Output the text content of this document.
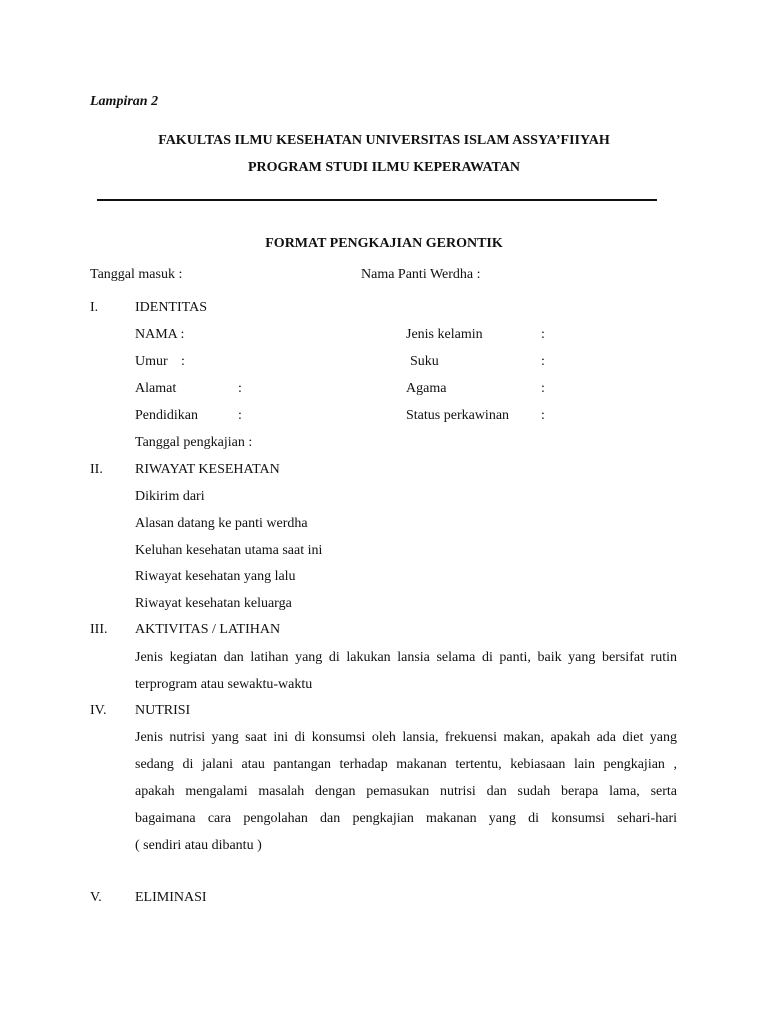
Lampiran 2
FAKULTAS ILMU KESEHATAN UNIVERSITAS ISLAM ASSYA’FIIYAH
PROGRAM STUDI ILMU KEPERAWATAN
FORMAT PENGKAJIAN GERONTIK
Tanggal masuk :	Nama Panti Werdha :
I.	IDENTITAS
NAMA :	Jenis kelamin	:
Umur :	Suku	:
Alamat	:	Agama	:
Pendidikan	:	Status perkawinan :
Tanggal pengkajian :
II. RIWAYAT KESEHATAN
Dikirim dari
Alasan datang ke panti werdha
Keluhan kesehatan utama saat ini
Riwayat kesehatan yang lalu
Riwayat kesehatan keluarga
III. AKTIVITAS / LATIHAN
Jenis kegiatan dan latihan yang di lakukan lansia selama di panti, baik yang bersifat rutin
terprogram atau sewaktu-waktu
IV. NUTRISI
Jenis nutrisi yang saat ini di konsumsi oleh lansia, frekuensi makan, apakah ada diet yang
sedang di jalani atau pantangan terhadap makanan tertentu, kebiasaan lain pengkajian ,
apakah mengalami masalah dengan pemasukan nutrisi dan sudah berapa lama, serta
bagaimana cara pengolahan dan pengkajian makanan yang di konsumsi sehari-hari
( sendiri atau dibantu )
V. ELIMINASI
